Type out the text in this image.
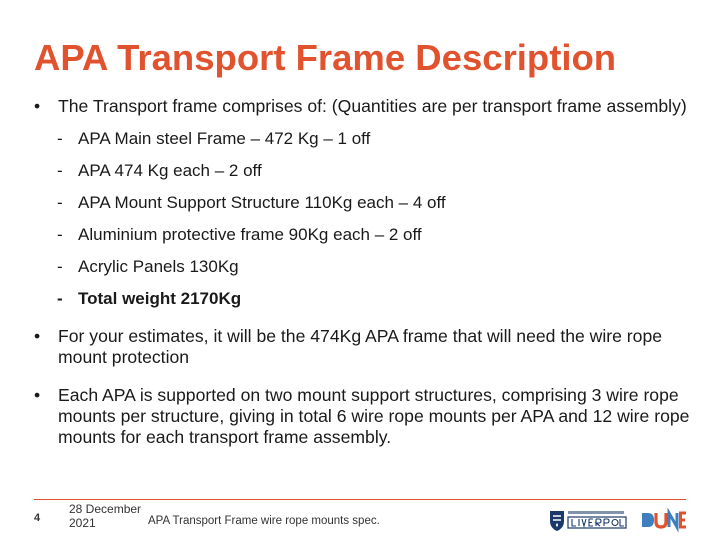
APA Transport Frame Description
• The Transport frame comprises of: (Quantities are per transport frame assembly)
- APA Main steel Frame – 472 Kg – 1 off
- APA 474 Kg each – 2 off
- APA Mount Support Structure 110Kg each – 4 off
- Aluminium protective frame 90Kg each – 2 off
- Acrylic Panels 130Kg
- Total weight 2170Kg
• For your estimates, it will be the 474Kg APA frame that will need the wire rope mount protection
• Each APA is supported on two mount support structures, comprising 3 wire rope mounts per structure, giving in total 6 wire rope mounts per APA and 12 wire rope mounts for each transport frame assembly.
4
28 December 2021	APA Transport Frame wire rope mounts spec.
